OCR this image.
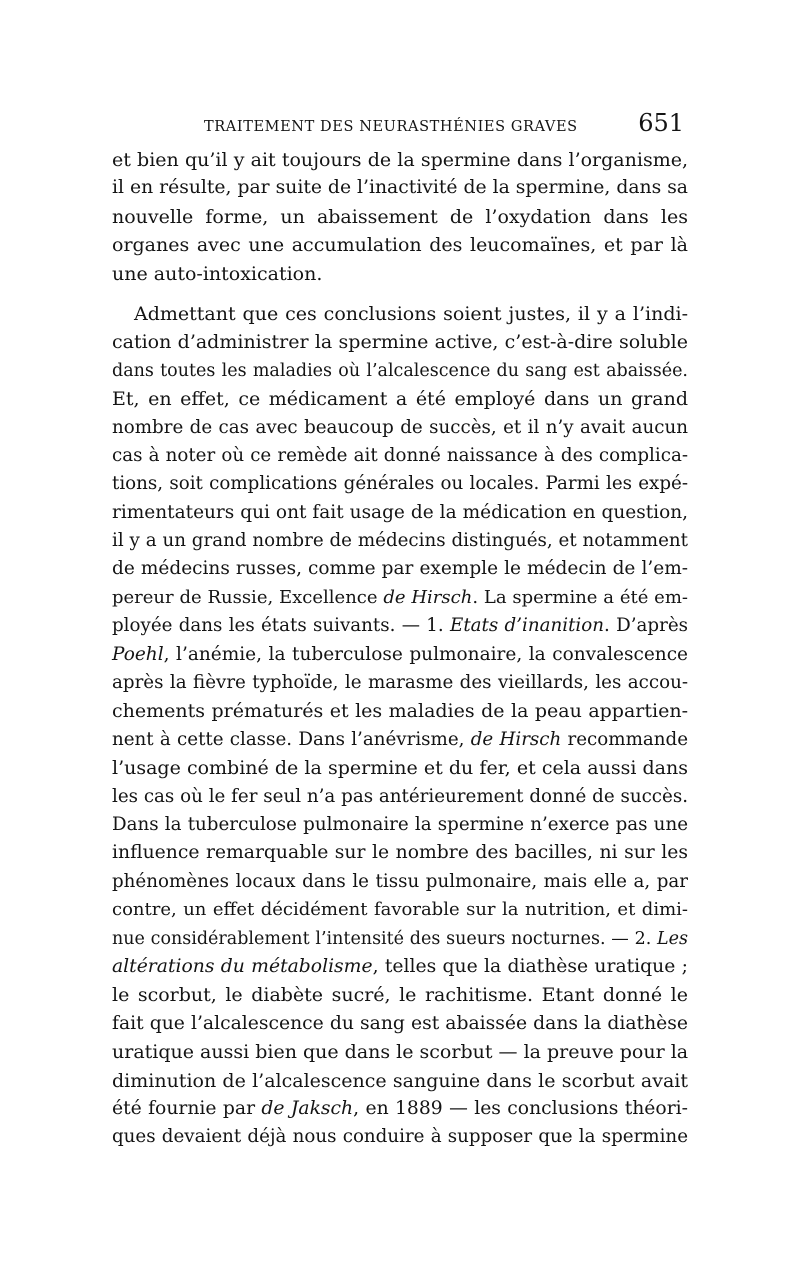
TRAITEMENT DES NEURASTHÉNIES GRAVES	651
et bien qu’il y ait toujours de la spermine dans l’organisme,
il en résulte, par suite de l’inactivité de la spermine, dans sa
nouvelle forme, un abaissement de l’oxydation dans les
organes avec une accumulation des leucomaïnes, et par là
une auto-intoxication.
Admettant que ces conclusions soient justes, il y a l’indi-
cation d’administrer la spermine active, c’est-à-dire soluble
dans toutes les maladies où l’alcalescence du sang est abaissée.
Et, en effet, ce médicament a été employé dans un grand
nombre de cas avec beaucoup de succès, et il n’y avait aucun
cas à noter où ce remède ait donné naissance à des complica-
tions, soit complications générales ou locales. Parmi les expé-
rimentateurs qui ont fait usage de la médication en question,
il y a un grand nombre de médecins distingués, et notamment
de médecins russes, comme par exemple le médecin de l’em-
pereur de Russie, Excellence de Hirsch. La spermine a été em-
ployée dans les états suivants. — 1. Etats d’inanition. D’après
Poehl, l’anémie, la tuberculose pulmonaire, la convalescence
après la fièvre typhoïde, le marasme des vieillards, les accou-
chements prématurés et les maladies de la peau appartien-
nent à cette classe. Dans l’anévrisme, de Hirsch recommande
l’usage combiné de la spermine et du fer, et cela aussi dans
les cas où le fer seul n’a pas antérieurement donné de succès.
Dans la tuberculose pulmonaire la spermine n’exerce pas une
influence remarquable sur le nombre des bacilles, ni sur les
phénomènes locaux dans le tissu pulmonaire, mais elle a, par
contre, un effet décidément favorable sur la nutrition, et dimi-
nue considérablement l’intensité des sueurs nocturnes. — 2. Les
altérations du métabolisme, telles que la diathèse uratique ;
le scorbut, le diabète sucré, le rachitisme. Etant donné le
fait que l’alcalescence du sang est abaissée dans la diathèse
uratique aussi bien que dans le scorbut — la preuve pour la
diminution de l’alcalescence sanguine dans le scorbut avait
été fournie par de Jaksch, en 1889 — les conclusions théori-
ques devaient déjà nous conduire à supposer que la spermine
